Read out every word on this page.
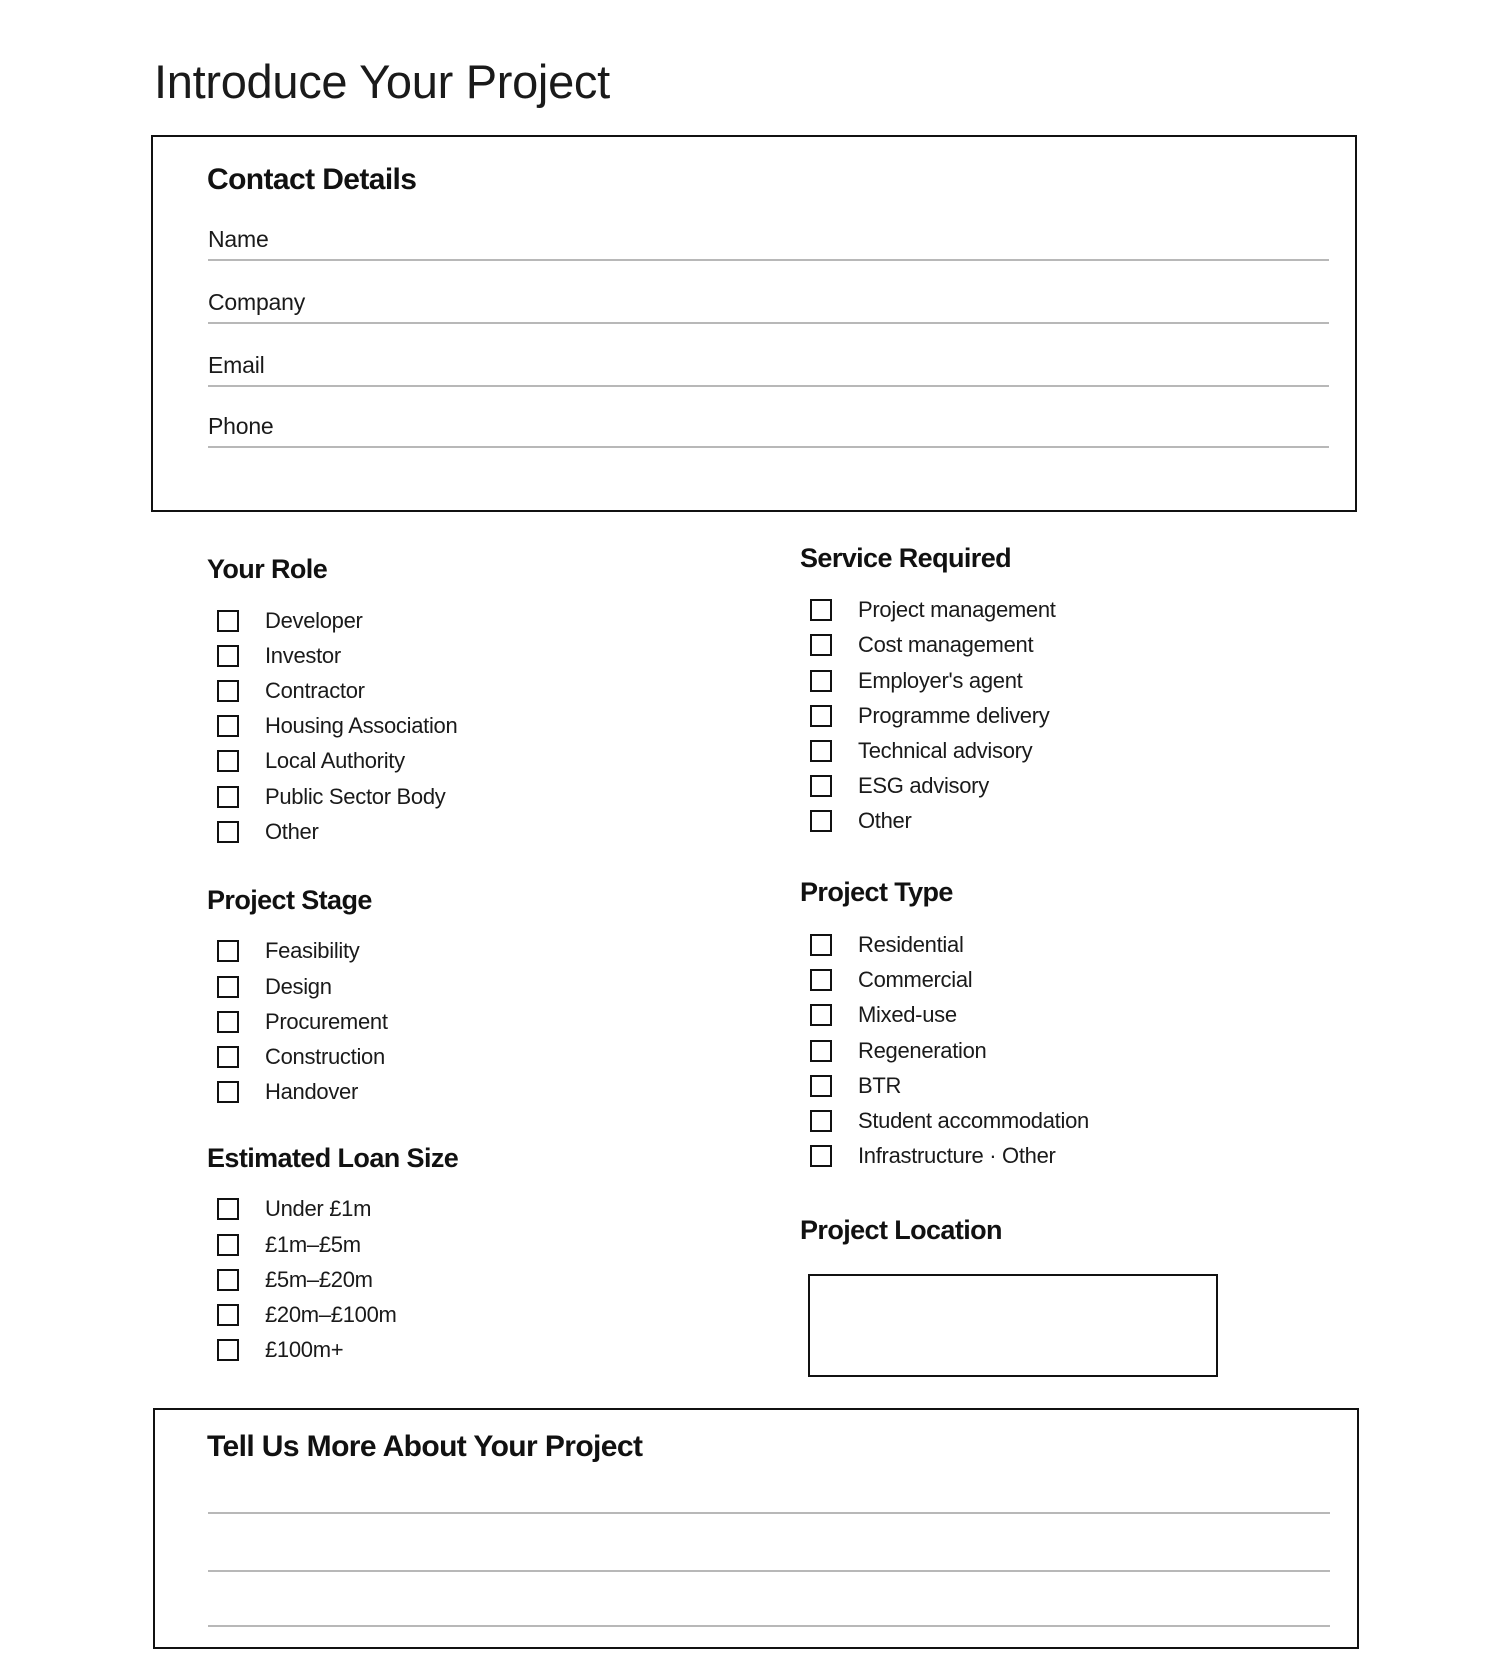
Introduce Your Project
Contact Details
Name
Company
Email
Phone
Your Role
Developer
Investor
Contractor
Housing Association
Local Authority
Public Sector Body
Other
Service Required
Project management
Cost management
Employer's agent
Programme delivery
Technical advisory
ESG advisory
Other
Project Stage
Feasibility
Design
Procurement
Construction
Handover
Project Type
Residential
Commercial
Mixed-use
Regeneration
BTR
Student accommodation
Infrastructure · Other
Estimated Loan Size
Under £1m
£1m–£5m
£5m–£20m
£20m–£100m
£100m+
Project Location
Tell Us More About Your Project
